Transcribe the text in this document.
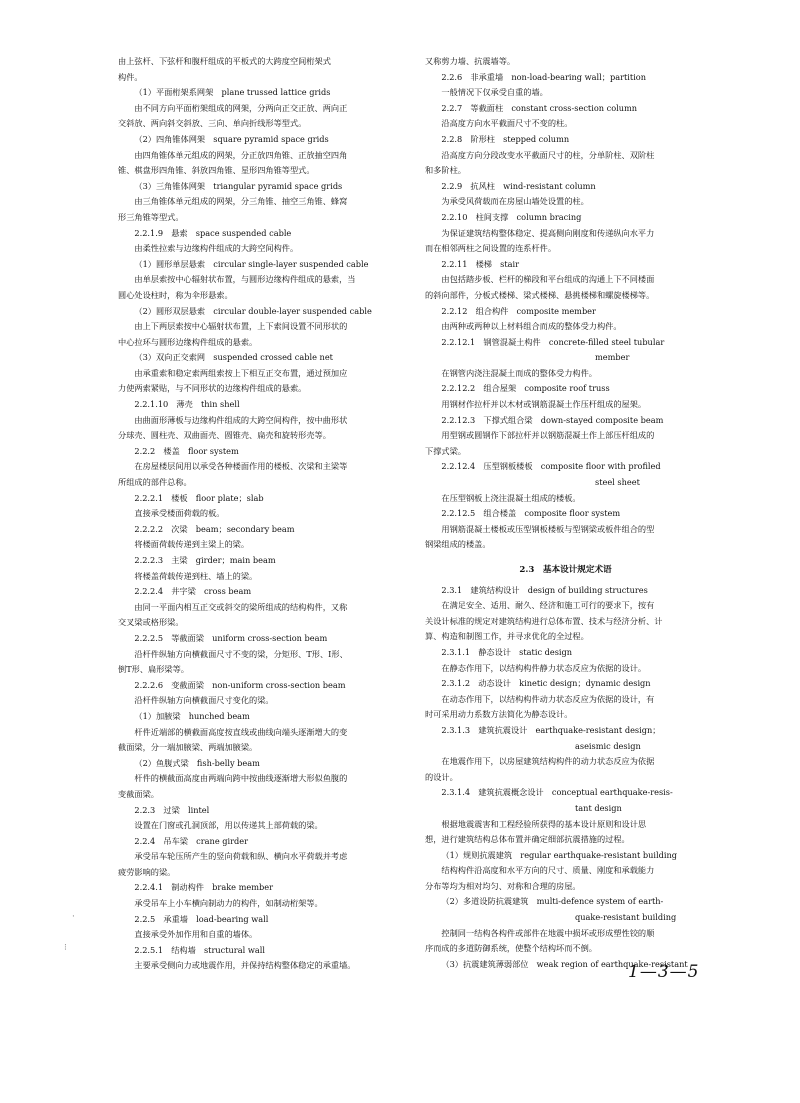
由上弦杆、下弦杆和腹杆组成的平板式的大跨度空间桁架式
构件。
（1）平面桁架系网架　plane trussed lattice grids
由不同方向平面桁架组成的网架，分两向正交正放、两向正
交斜放、两向斜交斜放、三向、单向折线形等型式。
（2）四角锥体网架　square pyramid space grids
由四角锥体单元组成的网架，分正放四角锥、正放抽空四角
锥、棋盘形四角锥、斜放四角锥、星形四角锥等型式。
（3）三角锥体网架　triangular pyramid space grids
由三角锥体单元组成的网架，分三角锥、抽空三角锥、蜂窝
形三角锥等型式。
2.2.1.9　悬索　space suspended cable
由柔性拉索与边缘构件组成的大跨空间构件。
（1）圆形单层悬索　circular single-layer suspended cable
由单层索按中心辐射状布置，与圆形边缘构件组成的悬索，当
圆心处设柱时，称为伞形悬索。
（2）圆形双层悬索　circular double-layer suspended cable
由上下两层索按中心辐射状布置，上下索间设置不同形状的
中心拉环与圆形边缘构件组成的悬索。
（3）双向正交索网　suspended crossed cable net
由承重索和稳定索两组索按上下相互正交布置，通过预加应
力使两索紧贴，与不同形状的边缘构件组成的悬索。
2.2.1.10　薄壳　thin shell
由曲面形薄板与边缘构件组成的大跨空间构件，按中曲形状
分球壳、圆柱壳、双曲面壳、圆锥壳、扁壳和旋转形壳等。
2.2.2　楼盖　floor system
在房屋楼层间用以承受各种楼面作用的楼板、次梁和主梁等
所组成的部件总称。
2.2.2.1　楼板　floor plate；slab
直接承受楼面荷载的板。
2.2.2.2　次梁　beam；secondary beam
将楼面荷载传递到主梁上的梁。
2.2.2.3　主梁　girder；main beam
将楼盖荷载传递到柱、墙上的梁。
2.2.2.4　井字梁　cross beam
由同一平面内相互正交或斜交的梁所组成的结构构件，又称
交叉梁或格形梁。
2.2.2.5　等截面梁　uniform cross-section beam
沿杆件纵轴方向横截面尺寸不变的梁，分矩形、T形、I形、
倒T形、扁形梁等。
2.2.2.6　变截面梁　non-uniform cross-section beam
沿杆件纵轴方向横截面尺寸变化的梁。
（1）加腋梁　hunched beam
杆件近端部的横截面高度按直线或曲线向端头逐渐增大的变
截面梁，分一端加腋梁、两端加腋梁。
（2）鱼腹式梁　fish-belly beam
杆件的横截面高度由两端向跨中按曲线逐渐增大形似鱼腹的
变截面梁。
2.2.3　过梁　lintel
设置在门窗或孔洞顶部，用以传递其上部荷载的梁。
2.2.4　吊车梁　crane girder
承受吊车轮压所产生的竖向荷载和纵、横向水平荷载并考虑
疲劳影响的梁。
2.2.4.1　制动构件　brake member
承受吊车上小车横向制动力的构件，如制动桁架等。
2.2.5　承重墙　load-bearing wall
直接承受外加作用和自重的墙体。
2.2.5.1　结构墙　structural wall
主要承受侧向力或地震作用，并保持结构整体稳定的承重墙。
又称剪力墙、抗震墙等。
2.2.6　非承重墙　non-load-bearing wall；partition
一般情况下仅承受自重的墙。
2.2.7　等截面柱　constant cross-section column
沿高度方向水平截面尺寸不变的柱。
2.2.8　阶形柱　stepped column
沿高度方向分段改变水平截面尺寸的柱，分单阶柱、双阶柱
和多阶柱。
2.2.9　抗风柱　wind-resistant column
为承受风荷载而在房屋山墙处设置的柱。
2.2.10　柱间支撑　column bracing
为保证建筑结构整体稳定、提高侧向刚度和传递纵向水平力
而在相邻两柱之间设置的连系杆件。
2.2.11　楼梯　stair
由包括踏步板、栏杆的梯段和平台组成的沟通上下不同楼面
的斜向部件，分板式楼梯、梁式楼梯、悬挑楼梯和螺旋楼梯等。
2.2.12　组合构件　composite member
由两种或两种以上材料组合而成的整体受力构件。
2.2.12.1　钢管混凝土构件　concrete-filled steel tubular
member
在钢管内浇注混凝土而成的整体受力构件。
2.2.12.2　组合屋架　composite roof truss
用钢材作拉杆并以木材或钢筋混凝土作压杆组成的屋架。
2.2.12.3　下撑式组合梁　down-stayed composite beam
用型钢或圆钢作下部拉杆并以钢筋混凝土作上部压杆组成的
下撑式梁。
2.2.12.4　压型钢板楼板　composite floor with profiled
steel sheet
在压型钢板上浇注混凝土组成的楼板。
2.2.12.5　组合楼盖　composite floor system
用钢筋混凝土楼板或压型钢板楼板与型钢梁或板件组合的型
钢梁组成的楼盖。
2.3　基本设计规定术语
2.3.1　建筑结构设计　design of building structures
在满足安全、适用、耐久、经济和施工可行的要求下，按有
关设计标准的规定对建筑结构进行总体布置、技术与经济分析、计
算、构造和制图工作，并寻求优化的全过程。
2.3.1.1　静态设计　static design
在静态作用下，以结构构件静力状态反应为依据的设计。
2.3.1.2　动态设计　kinetic design；dynamic design
在动态作用下，以结构构件动力状态反应为依据的设计，有
时可采用动力系数方法简化为静态设计。
2.3.1.3　建筑抗震设计　earthquake-resistant design；
aseismic design
在地震作用下，以房屋建筑结构构件的动力状态反应为依据
的设计。
2.3.1.4　建筑抗震概念设计　conceptual earthquake-resis-
tant design
根据地震震害和工程经验所获得的基本设计原则和设计思
想，进行建筑结构总体布置并确定细部抗震措施的过程。
（1）规则抗震建筑　regular earthquake-resistant building
结构构件沿高度和水平方向的尺寸、质量、刚度和承载能力
分布等均为相对均匀、对称和合理的房屋。
（2）多道设防抗震建筑　multi-defence system of earth-
quake-resistant building
控制同一结构各构件或部件在地震中损坏或形成塑性铰的顺
序而成的多道防御系统，使整个结构坏而不倒。
（3）抗震建筑薄弱部位　weak region of earthquake-resistant
1—3—5
·
⁝
